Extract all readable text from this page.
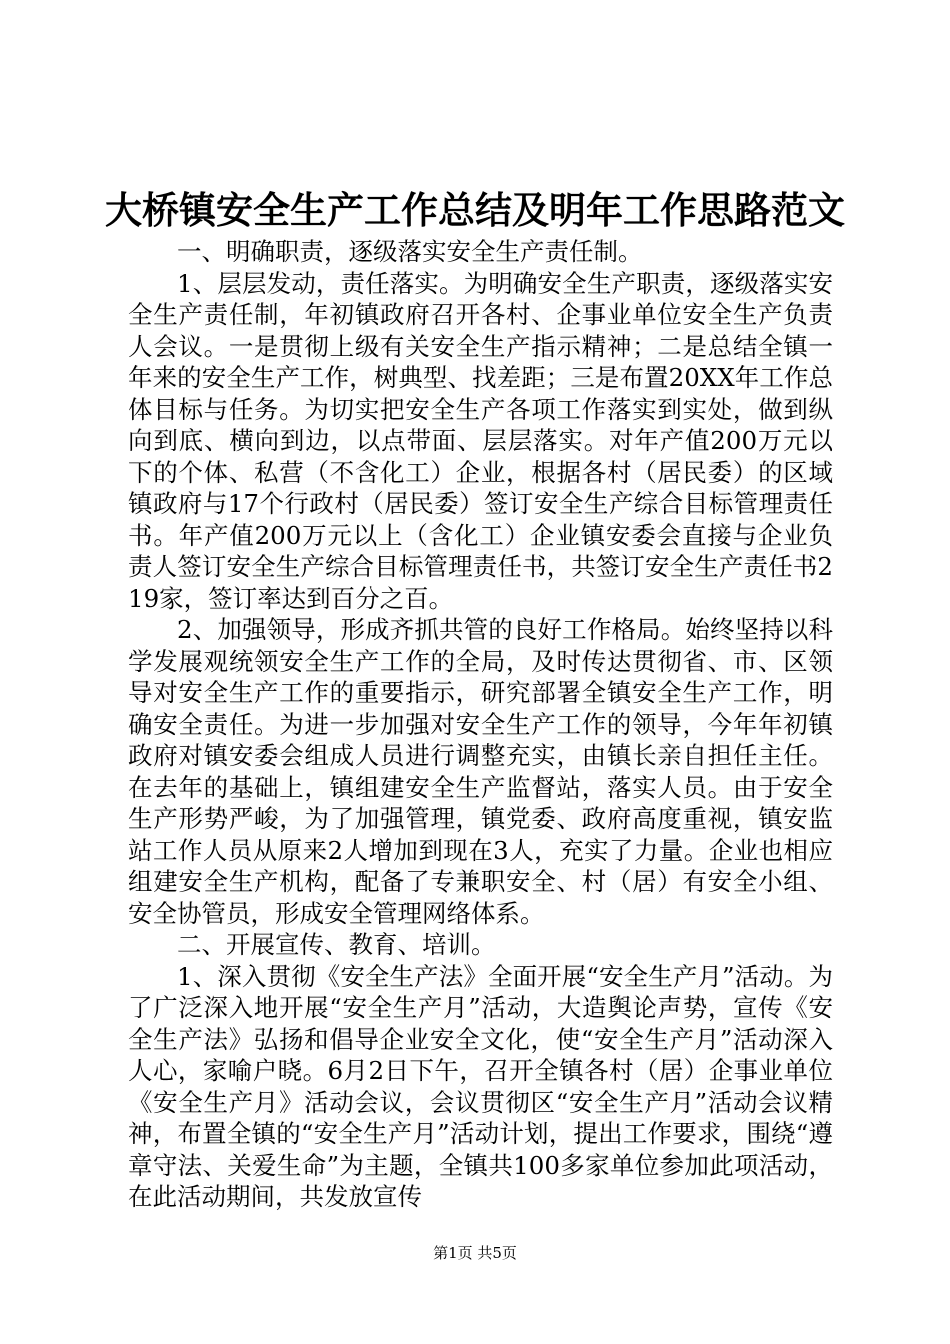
大桥镇安全生产工作总结及明年工作思路范文

一、明确职责，逐级落实安全生产责任制。

1、层层发动，责任落实。为明确安全生产职责，逐级落实安全生产责任制，年初镇政府召开各村、企事业单位安全生产负责人会议。一是贯彻上级有关安全生产指示精神；二是总结全镇一年来的安全生产工作，树典型、找差距；三是布置20XX年工作总体目标与任务。为切实把安全生产各项工作落实到实处，做到纵向到底、横向到边，以点带面、层层落实。对年产值200万元以下的个体、私营（不含化工）企业，根据各村（居民委）的区域镇政府与17个行政村（居民委）签订安全生产综合目标管理责任书。年产值200万元以上（含化工）企业镇安委会直接与企业负责人签订安全生产综合目标管理责任书，共签订安全生产责任书219家，签订率达到百分之百。

2、加强领导，形成齐抓共管的良好工作格局。始终坚持以科学发展观统领安全生产工作的全局，及时传达贯彻省、市、区领导对安全生产工作的重要指示，研究部署全镇安全生产工作，明确安全责任。为进一步加强对安全生产工作的领导，今年年初镇政府对镇安委会组成人员进行调整充实，由镇长亲自担任主任。在去年的基础上，镇组建安全生产监督站，落实人员。由于安全生产形势严峻，为了加强管理，镇党委、政府高度重视，镇安监站工作人员从原来2人增加到现在3人，充实了力量。企业也相应组建安全生产机构，配备了专兼职安全、村（居）有安全小组、安全协管员，形成安全管理网络体系。

二、开展宣传、教育、培训。

1、深入贯彻《安全生产法》全面开展“安全生产月”活动。为了广泛深入地开展“安全生产月”活动，大造舆论声势，宣传《安全生产法》弘扬和倡导企业安全文化，使“安全生产月”活动深入人心，家喻户晓。6月2日下午，召开全镇各村（居）企事业单位《安全生产月》活动会议，会议贯彻区“安全生产月”活动会议精神，布置全镇的“安全生产月”活动计划，提出工作要求，围绕“遵章守法、关爱生命”为主题，全镇共100多家单位参加此项活动，在此活动期间，共发放宣传

第1页 共5页
